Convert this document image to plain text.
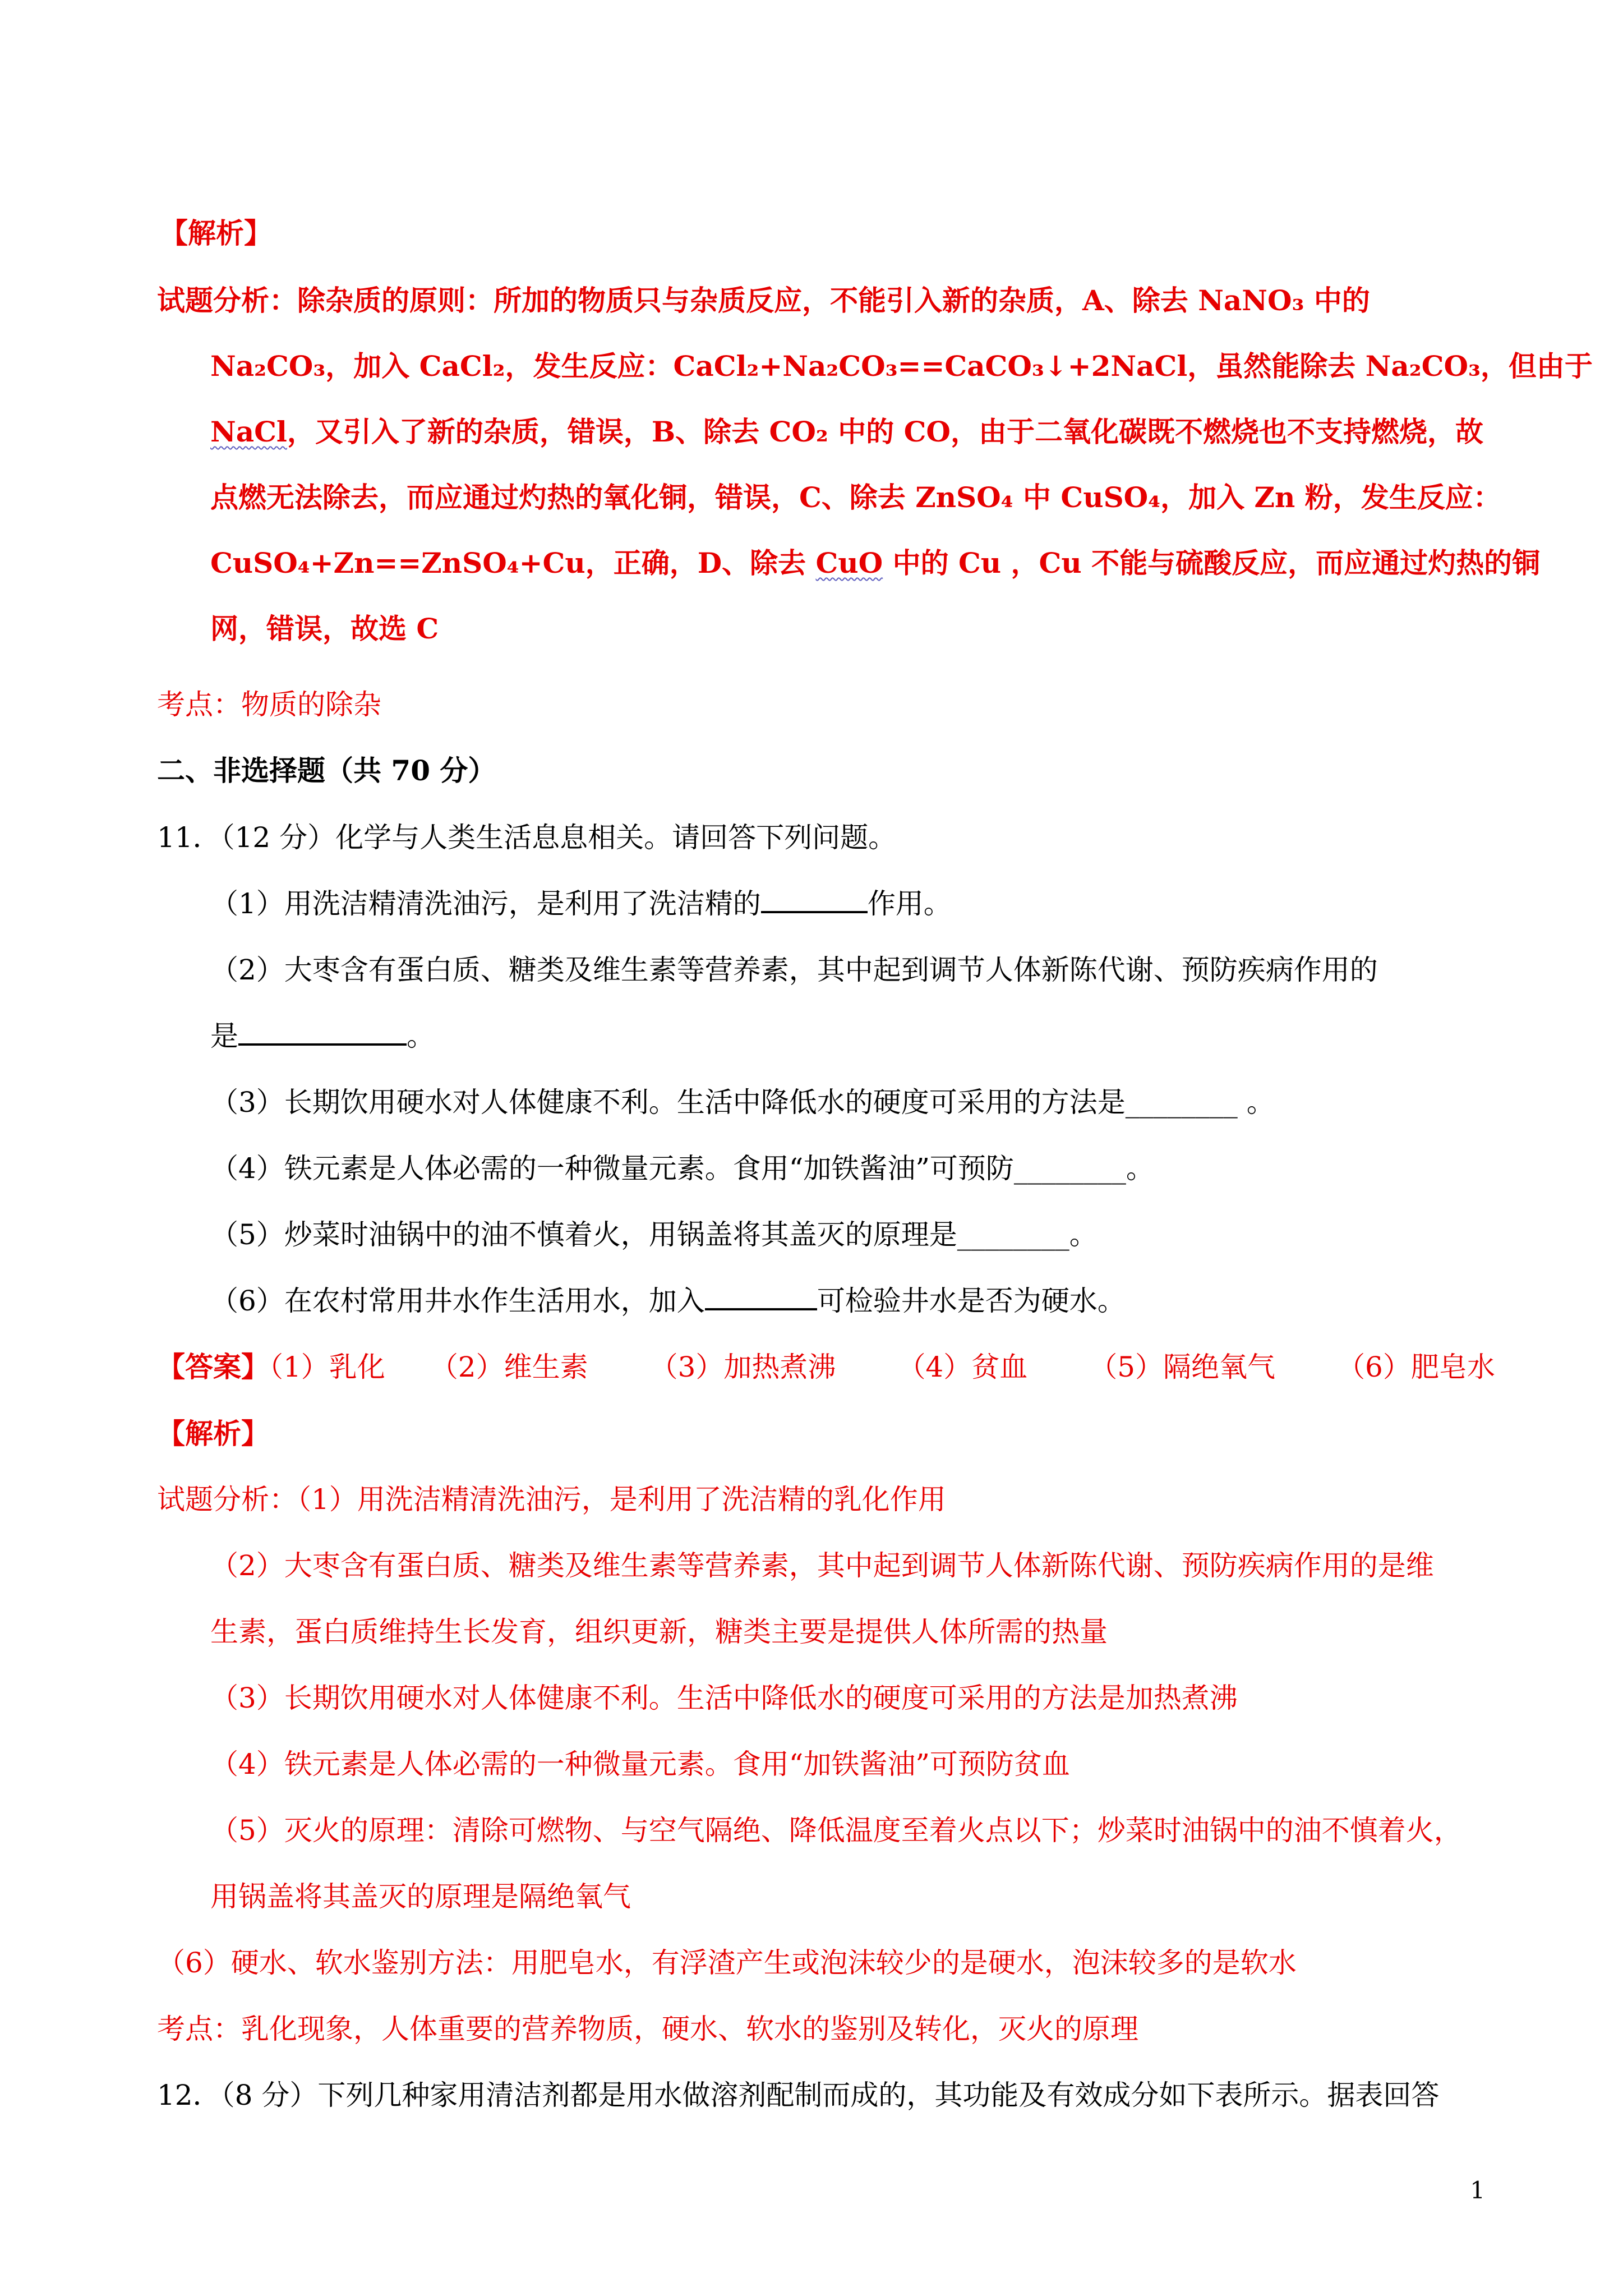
【解析】
试题分析：除杂质的原则：所加的物质只与杂质反应，不能引入新的杂质，A、除去 NaNO₃ 中的
Na₂CO₃，加入 CaCl₂，发生反应：CaCl₂+Na₂CO₃==CaCO₃↓+2NaCl，虽然能除去 Na₂CO₃，但由于
NaCl，又引入了新的杂质，错误，B、除去 CO₂ 中的 CO，由于二氧化碳既不燃烧也不支持燃烧，故
点燃无法除去，而应通过灼热的氧化铜，错误，C、除去 ZnSO₄ 中 CuSO₄，加入 Zn 粉，发生反应：
CuSO₄+Zn==ZnSO₄+Cu，正确，D、除去 CuO 中的 Cu ，Cu 不能与硫酸反应，而应通过灼热的铜
网，错误，故选 C
考点：物质的除杂
二、非选择题（共 70 分）
11．（12 分）化学与人类生活息息相关。请回答下列问题。
（1）用洗洁精清洗油污，是利用了洗洁精的	作用。
（2）大枣含有蛋白质、糖类及维生素等营养素，其中起到调节人体新陈代谢、预防疾病作用的
是	。
（3）长期饮用硬水对人体健康不利。生活中降低水的硬度可采用的方法是________ 。
（4）铁元素是人体必需的一种微量元素。食用“加铁酱油”可预防________。
（5）炒菜时油锅中的油不慎着火，用锅盖将其盖灭的原理是________。
（6）在农村常用井水作生活用水，加入	可检验井水是否为硬水。
【答案】（1）乳化 （2）维生素 （3）加热煮沸 （4）贫血 （5）隔绝氧气 （6）肥皂水
【解析】
试题分析：（1）用洗洁精清洗油污，是利用了洗洁精的乳化作用
（2）大枣含有蛋白质、糖类及维生素等营养素，其中起到调节人体新陈代谢、预防疾病作用的是维
生素，蛋白质维持生长发育，组织更新，糖类主要是提供人体所需的热量
（3）长期饮用硬水对人体健康不利。生活中降低水的硬度可采用的方法是加热煮沸
（4）铁元素是人体必需的一种微量元素。食用“加铁酱油”可预防贫血
（5）灭火的原理：清除可燃物、与空气隔绝、降低温度至着火点以下；炒菜时油锅中的油不慎着火，
用锅盖将其盖灭的原理是隔绝氧气
（6）硬水、软水鉴别方法：用肥皂水，有浮渣产生或泡沫较少的是硬水，泡沫较多的是软水
考点：乳化现象，人体重要的营养物质，硬水、软水的鉴别及转化，灭火的原理
12．（8 分）下列几种家用清洁剂都是用水做溶剂配制而成的，其功能及有效成分如下表所示。据表回答
1
